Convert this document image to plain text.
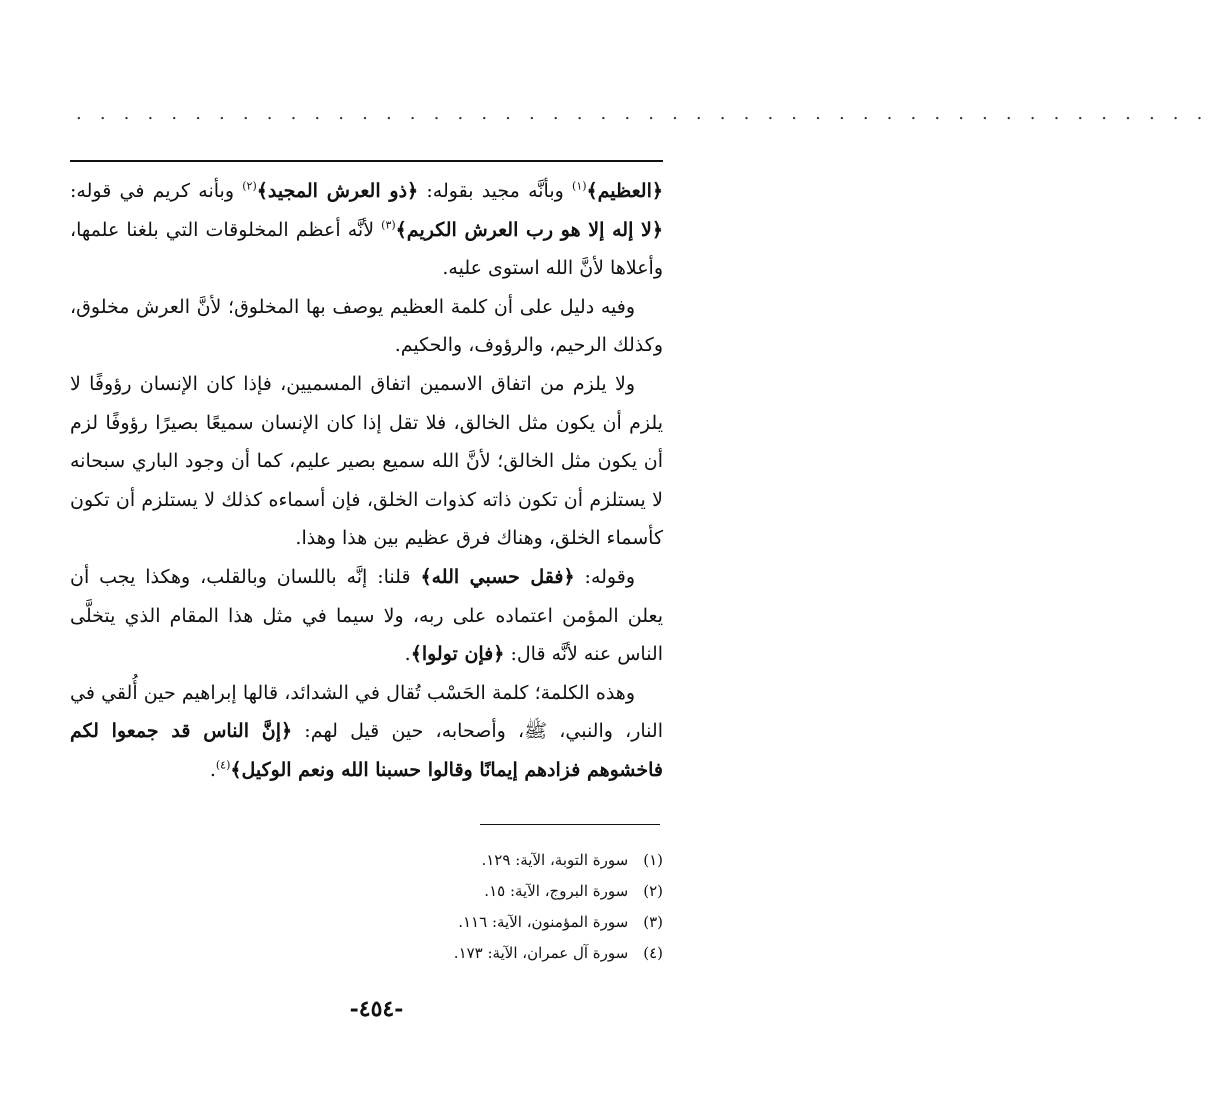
. . . . . . . . . . . . . . . . . . . . . . . . . . . . . . . . . . . . . . . . . . . . . . . .

﴿العظيم﴾$^{(١)}$ وبأنَّه مجيد بقوله: ﴿ذو العرش المجيد﴾$^{(٢)}$ وبأنه كريم في قوله: ﴿لا إله إلا هو رب العرش الكريم﴾$^{(٣)}$ لأنَّه أعظم المخلوقات التي بلغنا علمها، وأعلاها لأنَّ الله استوى عليه.

وفيه دليل على أن كلمة العظيم يوصف بها المخلوق؛ لأنَّ العرش مخلوق، وكذلك الرحيم، والرؤوف، والحكيم.

ولا يلزم من اتفاق الاسمين اتفاق المسميين، فإذا كان الإنسان رؤوفًا لا يلزم أن يكون مثل الخالق، فلا تقل إذا كان الإنسان سميعًا بصيرًا رؤوفًا لزم أن يكون مثل الخالق؛ لأنَّ الله سميع بصير عليم، كما أن وجود الباري سبحانه لا يستلزم أن تكون ذاته كذوات الخلق، فإن أسماءه كذلك لا يستلزم أن تكون كأسماء الخلق، وهناك فرق عظيم بين هذا وهذا.

وقوله: ﴿فقل حسبي الله﴾ قلنا: إنَّه باللسان وبالقلب، وهكذا يجب أن يعلن المؤمن اعتماده على ربه، ولا سيما في مثل هذا المقام الذي يتخلَّى الناس عنه لأنَّه قال: ﴿فإن تولوا﴾.

وهذه الكلمة؛ كلمة الحَسْب تُقال في الشدائد، قالها إبراهيم حين أُلقي في النار، والنبي، ﷺ، وأصحابه، حين قيل لهم: ﴿إنَّ الناس قد جمعوا لكم فاخشوهم فزادهم إيمانًا وقالوا حسبنا الله ونعم الوكيل﴾$^{(٤)}$.

(١) سورة التوبة، الآية: ١٢٩.
(٢) سورة البروج، الآية: ١٥.
(٣) سورة المؤمنون، الآية: ١١٦.
(٤) سورة آل عمران، الآية: ١٧٣.
-٤٥٤-
